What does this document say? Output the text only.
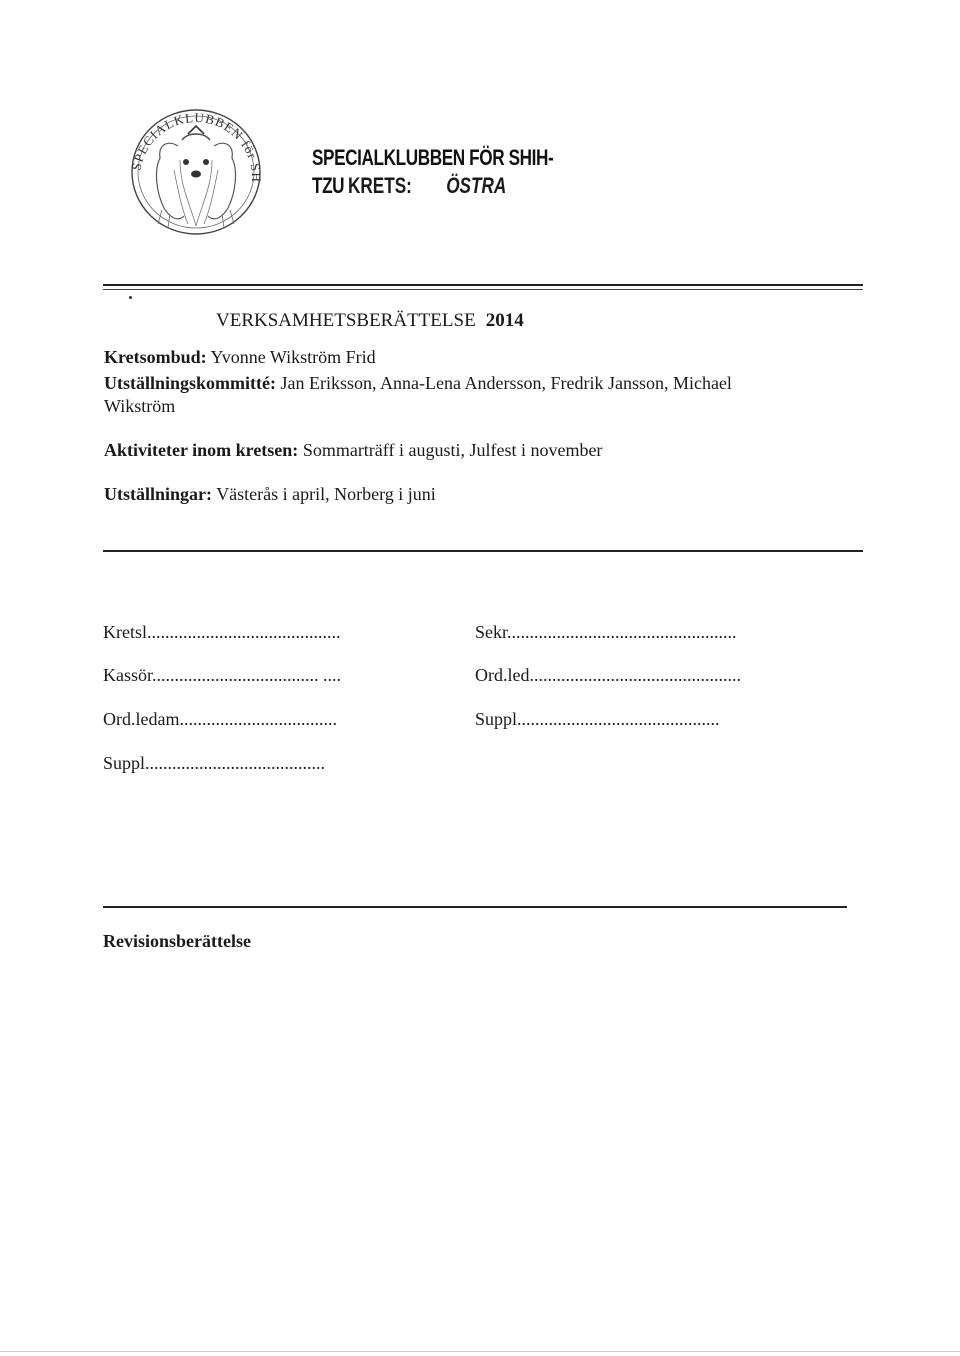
SPECIALKLUBBEN för SH
SPECIALKLUBBEN FÖR SHIH-TZU KRETS: ÖSTRA
VERKSAMHETSBERÄTTELSE 2014
Kretsombud: Yvonne Wikström Frid
Utställningskommitté: Jan Eriksson, Anna-Lena Andersson, Fredrik Jansson, Michael
Wikström
Aktiviteter inom kretsen: Sommarträff i augusti, Julfest i november
Utställningar: Västerås i april, Norberg i juni
Kretsl...........................................	Sekr...................................................
Kassör..................................... ....	Ord.led...............................................
Ord.ledam...................................	Suppl.............................................
Suppl........................................
Revisionsberättelse
